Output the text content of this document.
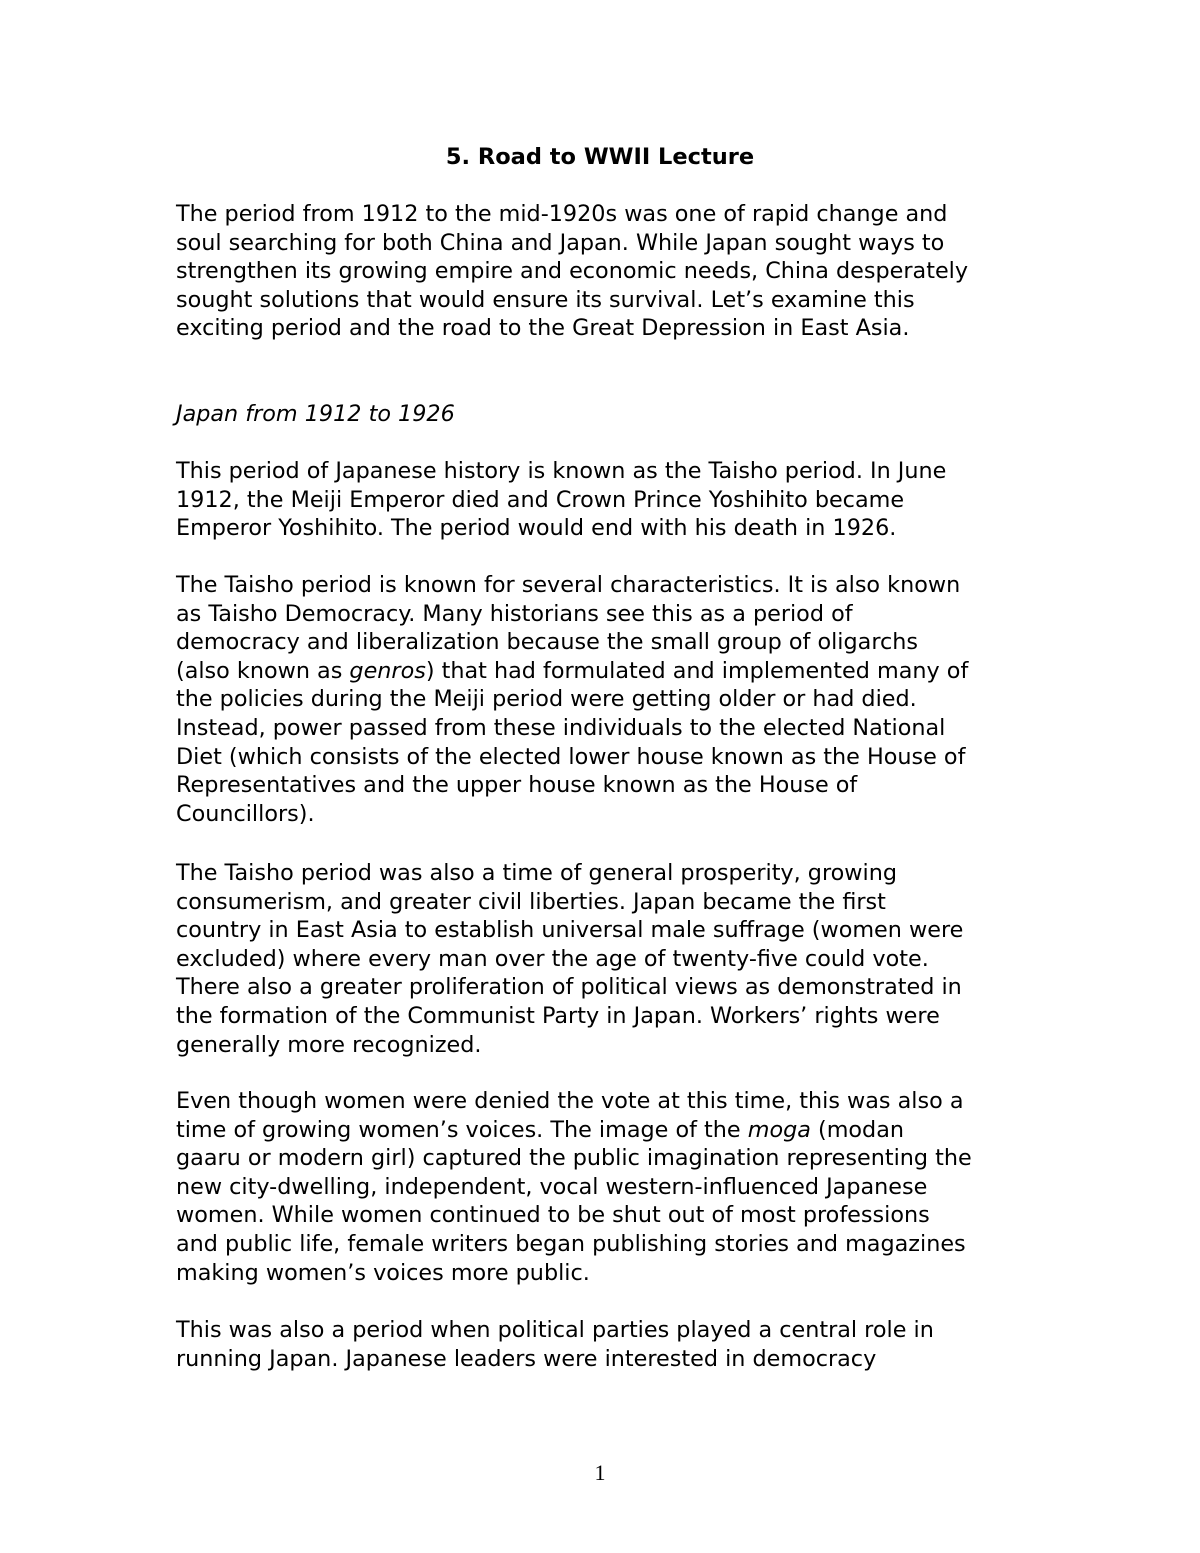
5. Road to WWII Lecture

The period from 1912 to the mid-1920s was one of rapid change and
soul searching for both China and Japan. While Japan sought ways to
strengthen its growing empire and economic needs, China desperately
sought solutions that would ensure its survival. Let’s examine this
exciting period and the road to the Great Depression in East Asia.

Japan from 1912 to 1926

This period of Japanese history is known as the Taisho period. In June
1912, the Meiji Emperor died and Crown Prince Yoshihito became
Emperor Yoshihito. The period would end with his death in 1926.

The Taisho period is known for several characteristics. It is also known
as Taisho Democracy. Many historians see this as a period of
democracy and liberalization because the small group of oligarchs
(also known as genros) that had formulated and implemented many of
the policies during the Meiji period were getting older or had died.
Instead, power passed from these individuals to the elected National
Diet (which consists of the elected lower house known as the House of
Representatives and the upper house known as the House of
Councillors).

The Taisho period was also a time of general prosperity, growing
consumerism, and greater civil liberties. Japan became the first
country in East Asia to establish universal male suffrage (women were
excluded) where every man over the age of twenty-five could vote.
There also a greater proliferation of political views as demonstrated in
the formation of the Communist Party in Japan. Workers’ rights were
generally more recognized.

Even though women were denied the vote at this time, this was also a
time of growing women’s voices. The image of the moga (modan
gaaru or modern girl) captured the public imagination representing the
new city-dwelling, independent, vocal western-influenced Japanese
women. While women continued to be shut out of most professions
and public life, female writers began publishing stories and magazines
making women’s voices more public.

This was also a period when political parties played a central role in
running Japan. Japanese leaders were interested in democracy

1
